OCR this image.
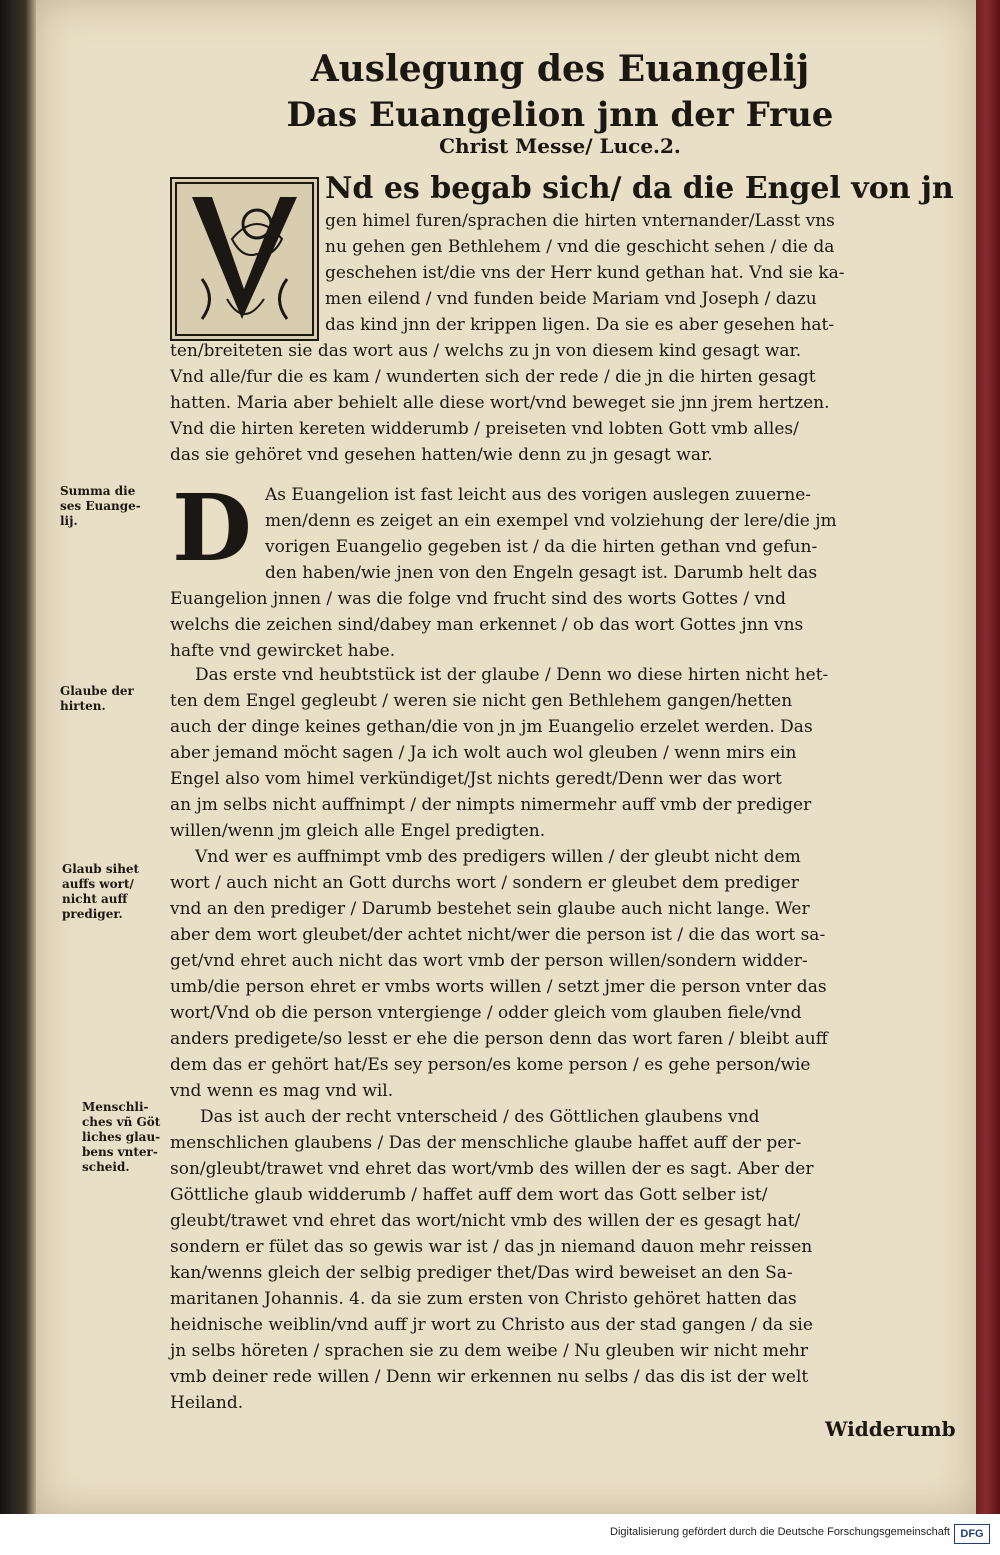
Auslegung des Euangelij
Das Euangelion jnn der Frue
Christ Messe/ Luce.2.
D
Nd es begab sich/ da die Engel von jn
gen himel furen/sprachen die hirten vnternander/Lasst vns
nu gehen gen Bethlehem / vnd die geschicht sehen / die da
geschehen ist/die vns der Herr kund gethan hat. Vnd sie ka-
men eilend / vnd funden beide Mariam vnd Joseph / dazu
das kind jnn der krippen ligen. Da sie es aber gesehen hat-
ten/breiteten sie das wort aus / welchs zu jn von diesem kind gesagt war.
Vnd alle/fur die es kam / wunderten sich der rede / die jn die hirten gesagt
hatten. Maria aber behielt alle diese wort/vnd beweget sie jnn jrem hertzen.
Vnd die hirten kereten widderumb / preiseten vnd lobten Gott vmb alles/
das sie gehöret vnd gesehen hatten/wie denn zu jn gesagt war.
Summa die
ses Euange-
lij.
As Euangelion ist fast leicht aus des vorigen auslegen zuuerne-
men/denn es zeiget an ein exempel vnd volziehung der lere/die jm
vorigen Euangelio gegeben ist / da die hirten gethan vnd gefun-
den haben/wie jnen von den Engeln gesagt ist. Darumb helt das
Euangelion jnnen / was die folge vnd frucht sind des worts Gottes / vnd
welchs die zeichen sind/dabey man erkennet / ob das wort Gottes jnn vns
hafte vnd gewircket habe.
Glaube der
hirten.
Das erste vnd heubtstück ist der glaube / Denn wo diese hirten nicht het-
ten dem Engel gegleubt / weren sie nicht gen Bethlehem gangen/hetten
auch der dinge keines gethan/die von jn jm Euangelio erzelet werden. Das
aber jemand möcht sagen / Ja ich wolt auch wol gleuben / wenn mirs ein
Engel also vom himel verkündiget/Jst nichts geredt/Denn wer das wort
an jm selbs nicht auffnimpt / der nimpts nimermehr auff vmb der prediger
willen/wenn jm gleich alle Engel predigten.
Glaub sihet
auffs wort/
nicht auff
prediger.
Vnd wer es auffnimpt vmb des predigers willen / der gleubt nicht dem
wort / auch nicht an Gott durchs wort / sondern er gleubet dem prediger
vnd an den prediger / Darumb bestehet sein glaube auch nicht lange. Wer
aber dem wort gleubet/der achtet nicht/wer die person ist / die das wort sa-
get/vnd ehret auch nicht das wort vmb der person willen/sondern widder-
umb/die person ehret er vmbs worts willen / setzt jmer die person vnter das
wort/Vnd ob die person vntergienge / odder gleich vom glauben fiele/vnd
anders predigete/so lesst er ehe die person denn das wort faren / bleibt auff
dem das er gehört hat/Es sey person/es kome person / es gehe person/wie
vnd wenn es mag vnd wil.
Menschli-
ches vñ Göt
liches glau-
bens vnter-
scheid.
Das ist auch der recht vnterscheid / des Göttlichen glaubens vnd
menschlichen glaubens / Das der menschliche glaube haffet auff der per-
son/gleubt/trawet vnd ehret das wort/vmb des willen der es sagt. Aber der
Göttliche glaub widderumb / haffet auff dem wort das Gott selber ist/
gleubt/trawet vnd ehret das wort/nicht vmb des willen der es gesagt hat/
sondern er fület das so gewis war ist / das jn niemand dauon mehr reissen
kan/wenns gleich der selbig prediger thet/Das wird beweiset an den Sa-
maritanen Johannis. 4. da sie zum ersten von Christo gehöret hatten das
heidnische weiblin/vnd auff jr wort zu Christo aus der stad gangen / da sie
jn selbs höreten / sprachen sie zu dem weibe / Nu gleuben wir nicht mehr
vmb deiner rede willen / Denn wir erkennen nu selbs / das dis ist der welt
Heiland.
Widderumb
Digitalisierung gefördert durch die Deutsche Forschungsgemeinschaft DFG
